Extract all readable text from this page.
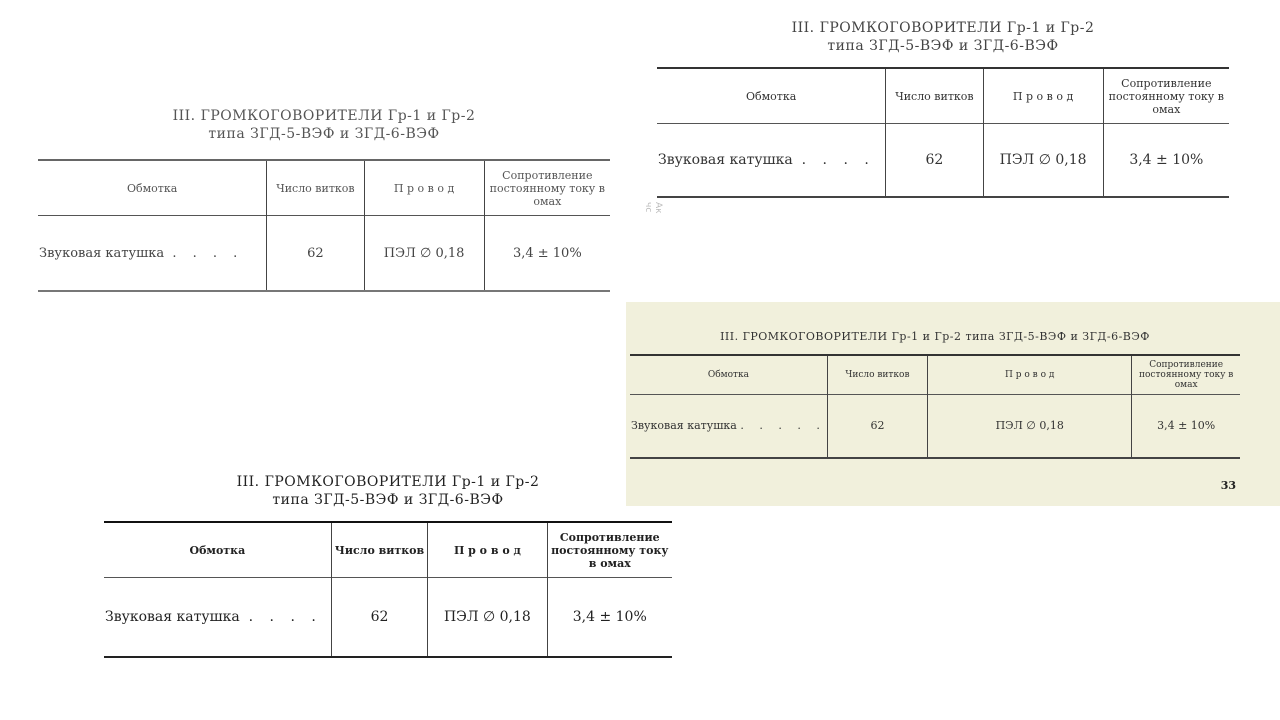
III. ГРОМКОГОВОРИТЕЛИ Гр-1 и Гр-2
типа ЗГД-5-ВЭФ и ЗГД-6-ВЭФ
Обмотка	Число витков	П р о в о д	Сопротивление постоянному току в омах
Звуковая катушка . . . .	62	ПЭЛ ∅ 0,18	3,4 ± 10%
III. ГРОМКОГОВОРИТЕЛИ Гр-1 и Гр-2
типа ЗГД-5-ВЭФ и ЗГД-6-ВЭФ
Обмотка	Число витков	П р о в о д	Сопротивление постоянному току в омах
Звуковая катушка . . . .	62	ПЭЛ ∅ 0,18	3,4 ± 10%
Ак чс
III. ГРОМКОГОВОРИТЕЛИ Гр-1 и Гр-2 типа ЗГД-5-ВЭФ и ЗГД-6-ВЭФ
Обмотка	Число витков	П р о в о д	Сопротивление постоянному току в омах
Звуковая катушка . . . . .	62	ПЭЛ ∅ 0,18	3,4 ± 10%
33
III. ГРОМКОГОВОРИТЕЛИ Гр-1 и Гр-2
типа ЗГД-5-ВЭФ и ЗГД-6-ВЭФ
Обмотка	Число витков	П р о в о д	Сопротивление постоянному току в омах
Звуковая катушка . . . .	62	ПЭЛ ∅ 0,18	3,4 ± 10%
